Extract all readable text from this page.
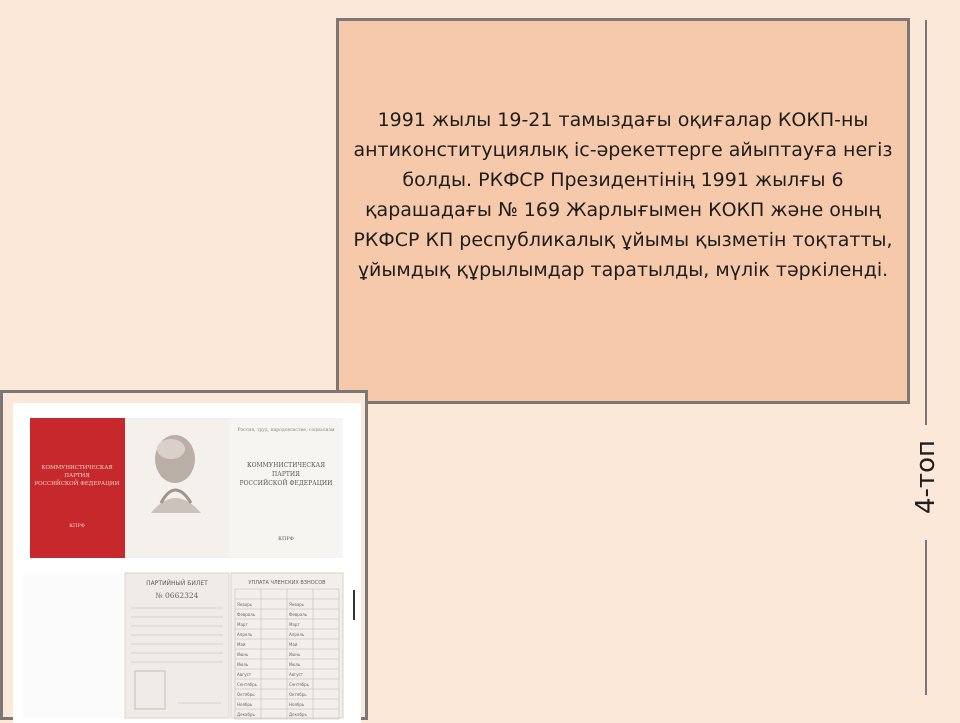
1991 жылы 19-21 тамыздағы оқиғалар КОКП-ны антиконституциялық іс-әрекеттерге айыптауға негіз болды. РКФСР Президентінің 1991 жылғы 6 қарашадағы № 169 Жарлығымен КОКП және оның РКФСР КП республикалық ұйымы қызметін тоқтатты, ұйымдық құрылымдар таратылды, мүлік тәркіленді.
4-топ
КОММУНИСТИЧЕСКАЯ
ПАРТИЯ
РОССИЙСКОЙ ФЕДЕРАЦИИ
КПРФ
Россия, труд, народовластие, социализм
КОММУНИСТИЧЕСКАЯ
ПАРТИЯ
РОССИЙСКОЙ ФЕДЕРАЦИИ
КПРФ
ПАРТИЙНЫЙ БИЛЕТ
№ 0662324
УПЛАТА ЧЛЕНСКИХ ВЗНОСОВ
Январь	Январь
Февраль	Февраль
Март	Март
Апрель	Апрель
Май	Май
Июнь	Июнь
Июль	Июль
Август	Август
Сентябрь	Сентябрь
Октябрь	Октябрь
Ноябрь	Ноябрь
Декабрь	Декабрь
